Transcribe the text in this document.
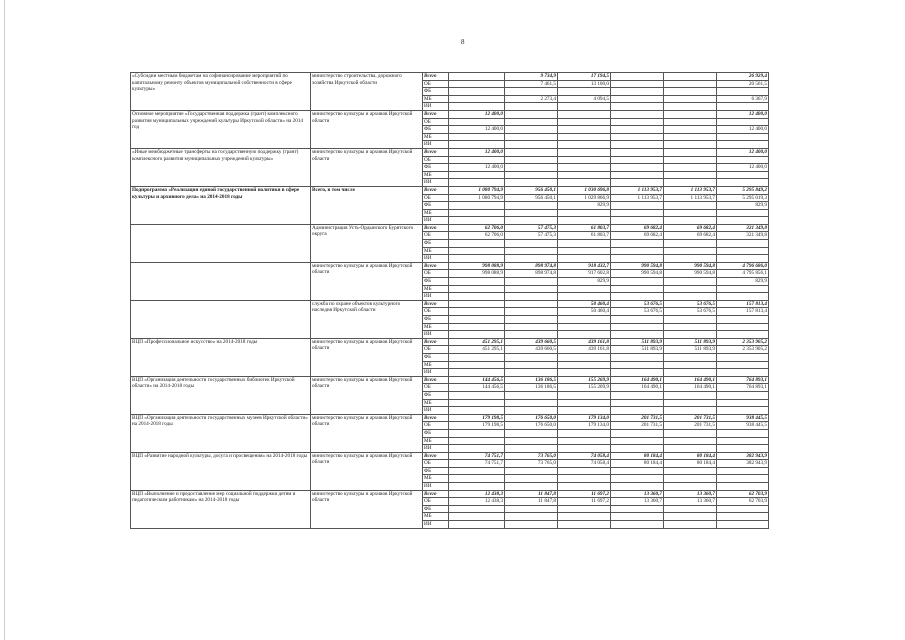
8
«Субсидии местным бюджетам на софинансирование мероприятий по капитальному ремонту объектов муниципальной собственности в сфере культуры»	министерство строительства, дорожного хозяйства Иркутской области	Всего		9 734,9	17 194,5			26 929,4
		ОБ		7 461,5	13 100,0			20 561,5
		ФБ						
		МБ		2 273,4	4 094,5			6 367,9
		ИИ						
Основное мероприятие «Государственная поддержка (грант) комплексного развития муниципальных учреждений культуры Иркутской области» на 2014 год	министерство культуры и архивов Иркутской области	Всего	12 400,0					12 400,0
		ОБ						
		ФБ	12 400,0					12 400,0
		МБ						
		ИИ						
«Иные межбюджетные трансферты на государственную поддержку (грант) комплексного развития муниципальных учреждений культуры»	министерство культуры и архивов Иркутской области	Всего	12 400,0					12 400,0
		ОБ						
		ФБ	12 400,0					12 400,0
		МБ						
		ИИ						
Подпрограмма «Реализация единой государственной политики в сфере культуры и архивного дела» на 2014-2018 годы	Всего, в том числе	Всего	1 080 794,9	956 450,1	1 030 696,8	1 113 953,7	1 113 953,7	5 295 849,2
		ОБ	1 080 794,9	956 450,1	1 029 866,9	1 113 953,7	1 113 953,7	5 295 019,3
		ФБ			829,9			829,9
		МБ						
		ИИ						
	Администрация Усть-Ордынского Бурятского округа	Всего	62 706,0	57 475,3	61 803,7	69 682,4	69 682,4	321 349,8
		ОБ	62 706,0	57 475,3	61 803,7	69 682,4	69 682,4	321 349,8
		ФБ						
		МБ						
		ИИ						
	министерство культуры и архивов Иркутской области	Всего	998 088,9	898 974,8	918 432,7	990 594,8	990 594,8	4 796 686,0
		ОБ	998 088,9	898 974,8	917 602,8	990 594,8	990 594,8	4 795 856,1
		ФБ			829,9			829,9
		МБ						
		ИИ						
	служба по охране объектов культурного наследия Иркутской области	Всего			50 460,4	53 676,5	53 676,5	157 813,4
		ОБ			50 460,4	53 676,5	53 676,5	157 813,4
		ФБ						
		МБ						
		ИИ						
ВЦП «Профессиональное искусство» на 2014-2018 годы	министерство культуры и архивов Иркутской области	Всего	451 295,1	439 660,5	439 161,8	511 893,9	511 893,9	2 353 905,2
		ОБ	451 295,1	439 660,5	439 161,8	511 893,9	511 893,9	2 353 905,2
		ФБ						
		МБ						
		ИИ						
ВЦП «Организация деятельности государственных библиотек Иркутской области» на 2014-2018 годы	министерство культуры и архивов Иркутской области	Всего	144 456,5	136 186,5	155 269,9	164 490,1	164 490,1	764 893,1
		ОБ	144 456,5	136 186,5	155 269,9	164 490,1	164 490,1	764 893,1
		ФБ						
		МБ						
		ИИ						
ВЦП «Организация деятельности государственных музеев Иркутской области» на 2014-2018 годы	министерство культуры и архивов Иркутской области	Всего	179 198,5	176 650,0	179 134,0	201 731,5	201 731,5	938 445,5
		ОБ	179 198,5	176 650,0	179 134,0	201 731,5	201 731,5	938 445,5
		ФБ						
		МБ						
		ИИ						
ВЦП «Развитие народной культуры, досуга и просвещения» на 2014-2018 годы	министерство культуры и архивов Иркутской области	Всего	74 751,7	73 765,0	74 058,4	80 184,4	80 184,4	382 943,9
		ОБ	74 751,7	73 765,0	74 058,4	80 184,4	80 184,4	382 943,9
		ФБ						
		МБ						
		ИИ						
ВЦП «Выполнение и предоставление мер социальной поддержки детям и педагогическим работникам» на 2014-2018 годы	министерство культуры и архивов Иркутской области	Всего	12 438,3	11 847,8	11 697,2	13 360,7	13 360,7	62 703,9
		ОБ	12 438,3	11 847,8	11 697,2	13 360,7	13 360,7	62 703,9
		ФБ						
		МБ						
		ИИ						
